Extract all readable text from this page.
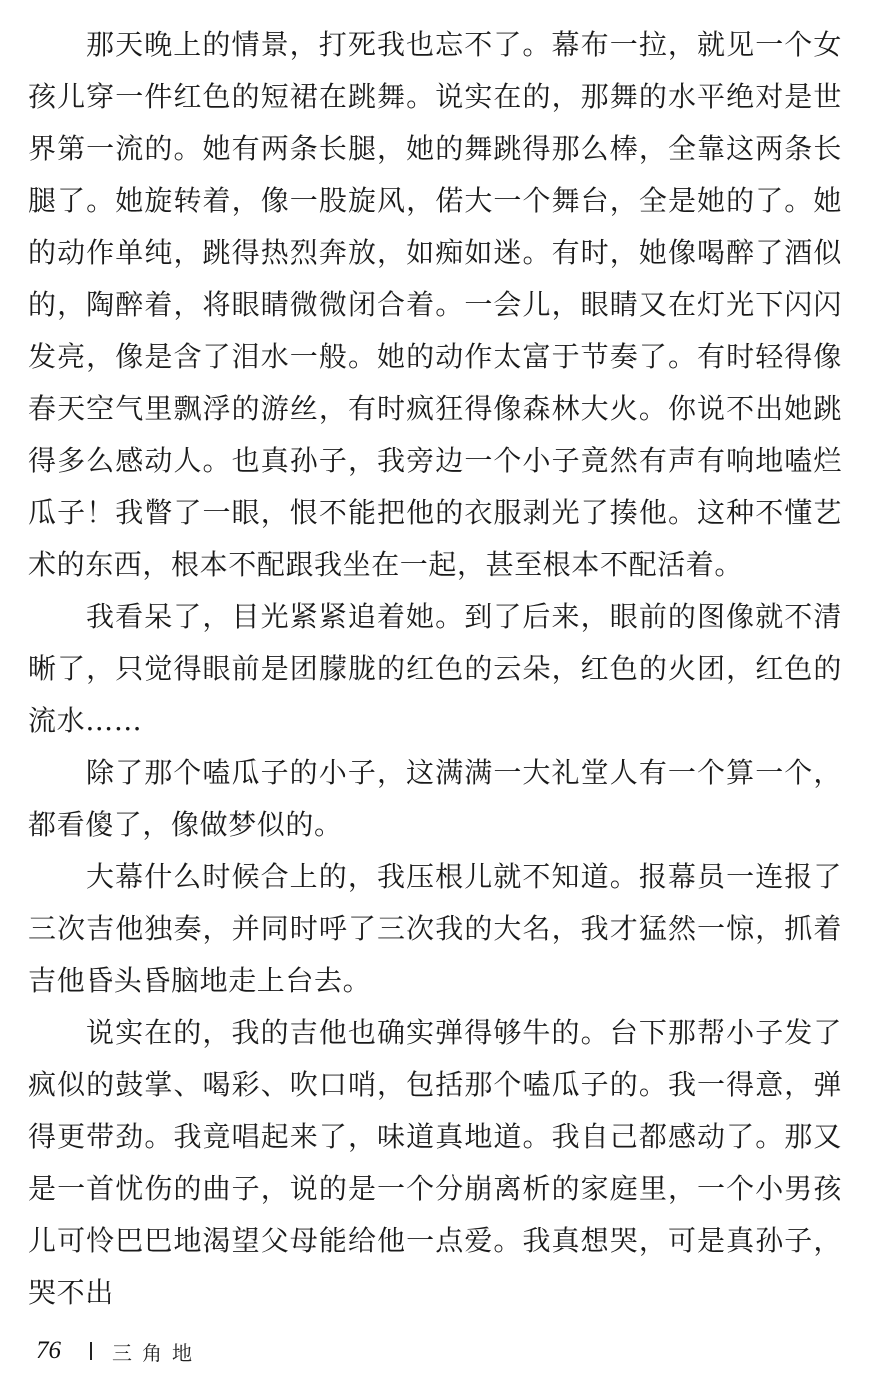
那天晚上的情景，打死我也忘不了。幕布一拉，就见一个女孩儿穿一件红色的短裙在跳舞。说实在的，那舞的水平绝对是世界第一流的。她有两条长腿，她的舞跳得那么棒，全靠这两条长腿了。她旋转着，像一股旋风，偌大一个舞台，全是她的了。她的动作单纯，跳得热烈奔放，如痴如迷。有时，她像喝醉了酒似的，陶醉着，将眼睛微微闭合着。一会儿，眼睛又在灯光下闪闪发亮，像是含了泪水一般。她的动作太富于节奏了。有时轻得像春天空气里飘浮的游丝，有时疯狂得像森林大火。你说不出她跳得多么感动人。也真孙子，我旁边一个小子竟然有声有响地嗑烂瓜子！我瞥了一眼，恨不能把他的衣服剥光了揍他。这种不懂艺术的东西，根本不配跟我坐在一起，甚至根本不配活着。

我看呆了，目光紧紧追着她。到了后来，眼前的图像就不清晰了，只觉得眼前是团朦胧的红色的云朵，红色的火团，红色的流水……

除了那个嗑瓜子的小子，这满满一大礼堂人有一个算一个，都看傻了，像做梦似的。

大幕什么时候合上的，我压根儿就不知道。报幕员一连报了三次吉他独奏，并同时呼了三次我的大名，我才猛然一惊，抓着吉他昏头昏脑地走上台去。

说实在的，我的吉他也确实弹得够牛的。台下那帮小子发了疯似的鼓掌、喝彩、吹口哨，包括那个嗑瓜子的。我一得意，弹得更带劲。我竟唱起来了，味道真地道。我自己都感动了。那又是一首忧伤的曲子，说的是一个分崩离析的家庭里，一个小男孩儿可怜巴巴地渴望父母能给他一点爱。我真想哭，可是真孙子，哭不出

76	三角地
